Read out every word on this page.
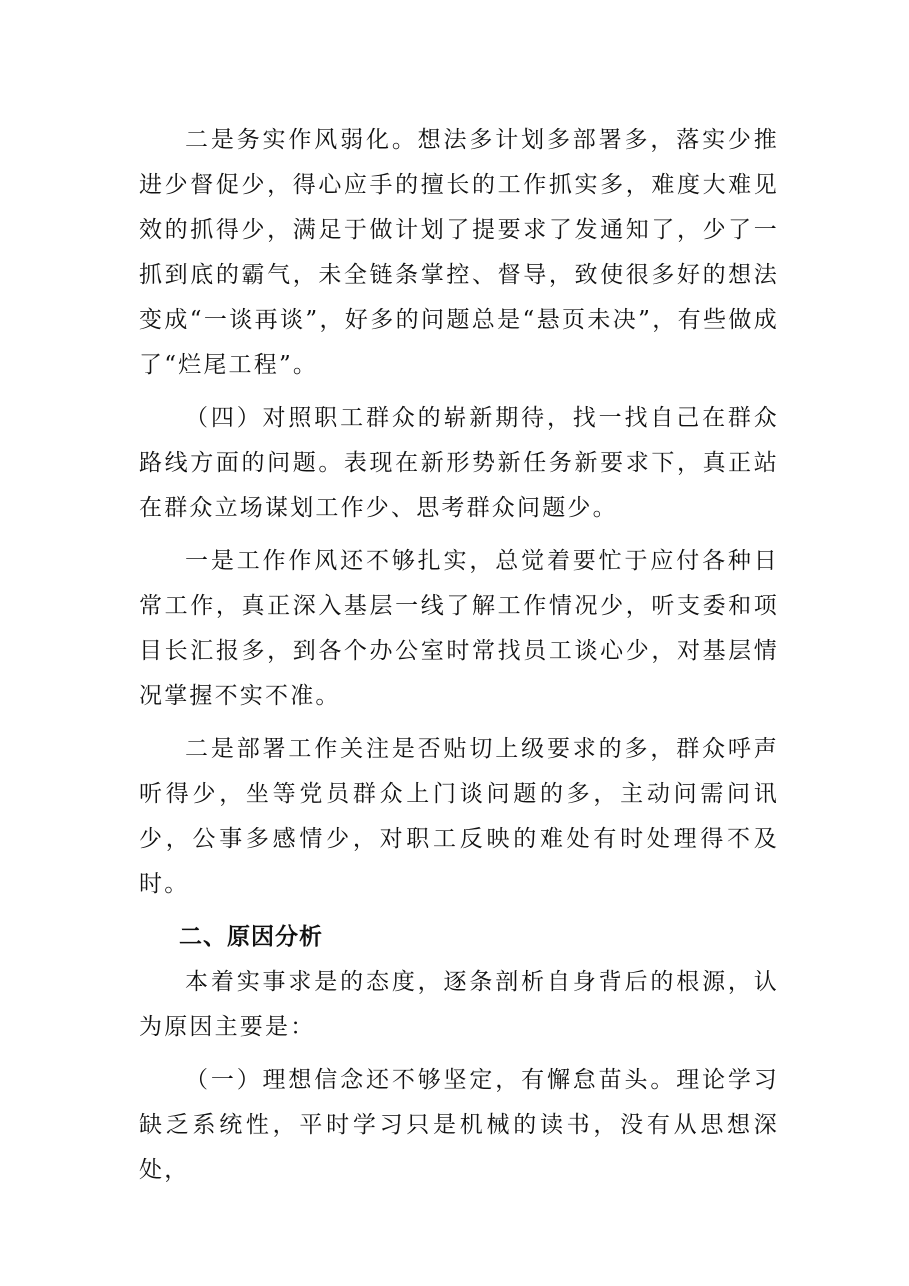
二是务实作风弱化。想法多计划多部署多，落实少推进少督促少，得心应手的擅长的工作抓实多，难度大难见效的抓得少，满足于做计划了提要求了发通知了，少了一抓到底的霸气，未全链条掌控、督导，致使很多好的想法变成“一谈再谈”，好多的问题总是“悬页未决”，有些做成了“烂尾工程”。

（四）对照职工群众的崭新期待，找一找自己在群众路线方面的问题。表现在新形势新任务新要求下，真正站在群众立场谋划工作少、思考群众问题少。

一是工作作风还不够扎实，总觉着要忙于应付各种日常工作，真正深入基层一线了解工作情况少，听支委和项目长汇报多，到各个办公室时常找员工谈心少，对基层情况掌握不实不准。

二是部署工作关注是否贴切上级要求的多，群众呼声听得少，坐等党员群众上门谈问题的多，主动问需问讯少，公事多感情少，对职工反映的难处有时处理得不及时。

二、原因分析

本着实事求是的态度，逐条剖析自身背后的根源，认为原因主要是：

（一）理想信念还不够坚定，有懈怠苗头。理论学习缺乏系统性，平时学习只是机械的读书，没有从思想深处，
